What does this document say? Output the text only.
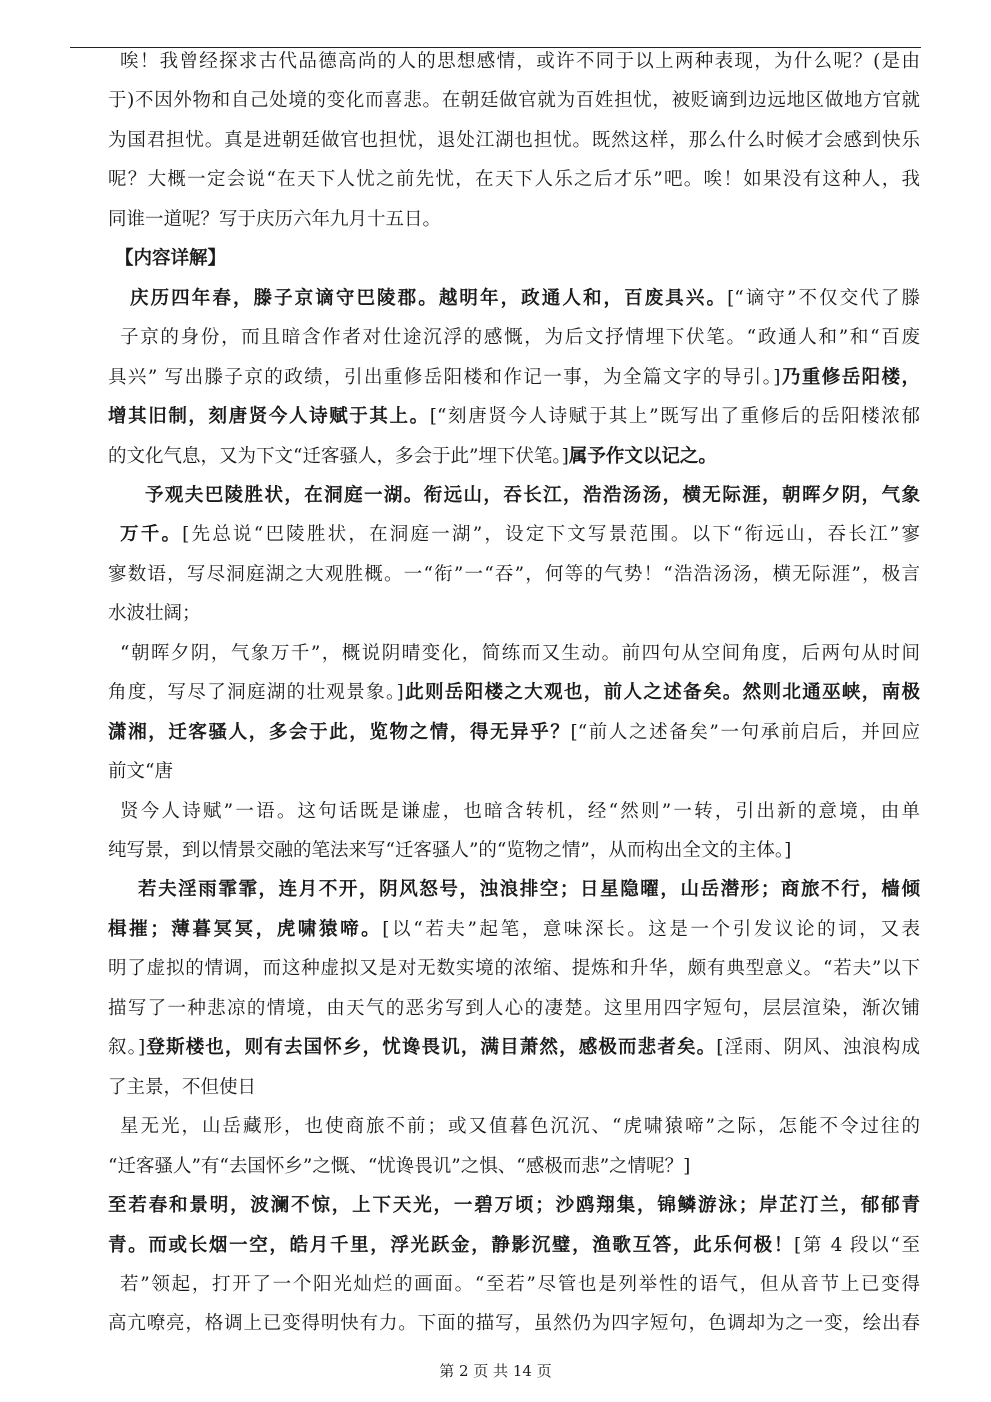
唉！我曾经探求古代品德高尚的人的思想感情，或许不同于以上两种表现，为什么呢？(是由
于)不因外物和自己处境的变化而喜悲。在朝廷做官就为百姓担忧，被贬谪到边远地区做地方官就
为国君担忧。真是进朝廷做官也担忧，退处江湖也担忧。既然这样，那么什么时候才会感到快乐
呢？大概一定会说“在天下人忧之前先忧，在天下人乐之后才乐”吧。唉！如果没有这种人，我
同谁一道呢？写于庆历六年九月十五日。
【内容详解】
庆历四年春，滕子京谪守巴陵郡。越明年，政通人和，百废具兴。[“谪守”不仅交代了滕
子京的身份，而且暗含作者对仕途沉浮的感慨，为后文抒情埋下伏笔。“政通人和”和“百废
具兴” 写出滕子京的政绩，引出重修岳阳楼和作记一事，为全篇文字的导引。]乃重修岳阳楼，
增其旧制，刻唐贤今人诗赋于其上。[“刻唐贤今人诗赋于其上”既写出了重修后的岳阳楼浓郁
的文化气息，又为下文“迁客骚人，多会于此”埋下伏笔。]属予作文以记之。
予观夫巴陵胜状，在洞庭一湖。衔远山，吞长江，浩浩汤汤，横无际涯，朝晖夕阴，气象
万千。[先总说“巴陵胜状，在洞庭一湖”，设定下文写景范围。以下“衔远山，吞长江”寥
寥数语，写尽洞庭湖之大观胜概。一“衔”一“吞”，何等的气势！“浩浩汤汤，横无际涯”，极言
水波壮阔；
“朝晖夕阴，气象万千”，概说阴晴变化，简练而又生动。前四句从空间角度，后两句从时间
角度，写尽了洞庭湖的壮观景象。]此则岳阳楼之大观也，前人之述备矣。然则北通巫峡，南极
潇湘，迁客骚人，多会于此，览物之情，得无异乎？[“前人之述备矣”一句承前启后，并回应
前文“唐
贤今人诗赋”一语。这句话既是谦虚，也暗含转机，经“然则”一转，引出新的意境，由单
纯写景，到以情景交融的笔法来写“迁客骚人”的“览物之情”，从而构出全文的主体。]
若夫淫雨霏霏，连月不开，阴风怒号，浊浪排空；日星隐曜，山岳潜形；商旅不行，樯倾
楫摧；薄暮冥冥，虎啸猿啼。[以“若夫”起笔，意味深长。这是一个引发议论的词，又表
明了虚拟的情调，而这种虚拟又是对无数实境的浓缩、提炼和升华，颇有典型意义。“若夫”以下
描写了一种悲凉的情境，由天气的恶劣写到人心的凄楚。这里用四字短句，层层渲染，渐次铺
叙。]登斯楼也，则有去国怀乡，忧谗畏讥，满目萧然，感极而悲者矣。[淫雨、阴风、浊浪构成
了主景，不但使日
星无光，山岳藏形，也使商旅不前；或又值暮色沉沉、“虎啸猿啼”之际，怎能不令过往的
“迁客骚人”有“去国怀乡”之慨、“忧谗畏讥”之惧、“感极而悲”之情呢？]
至若春和景明，波澜不惊，上下天光，一碧万顷；沙鸥翔集，锦鳞游泳；岸芷汀兰，郁郁青
青。而或长烟一空，皓月千里，浮光跃金，静影沉璧，渔歌互答，此乐何极！[第 4 段以“至
若”领起，打开了一个阳光灿烂的画面。“至若”尽管也是列举性的语气，但从音节上已变得
高亢嘹亮，格调上已变得明快有力。下面的描写，虽然仍为四字短句，色调却为之一变，绘出春
第 2 页 共 14 页
